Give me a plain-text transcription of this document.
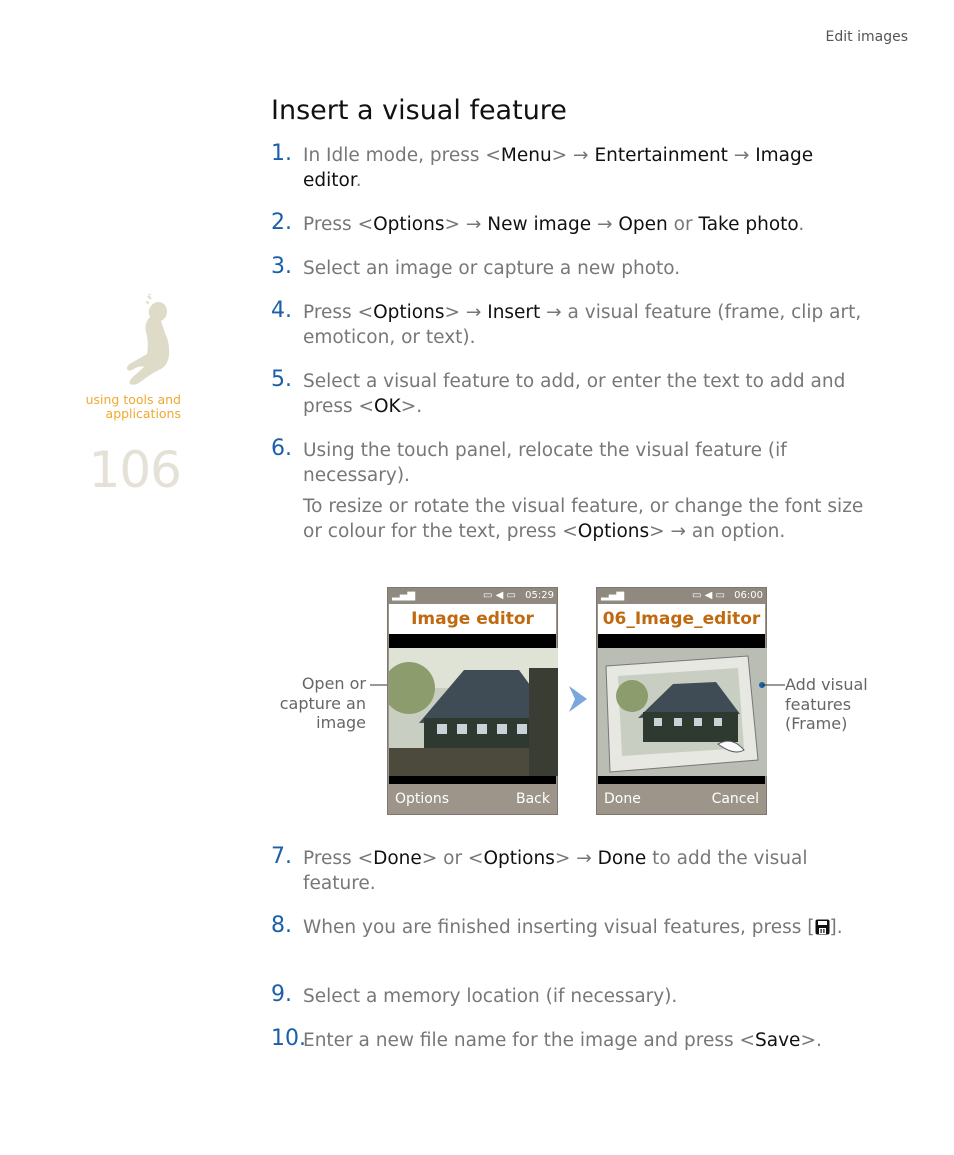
Edit images
using tools and
applications
106
Insert a visual feature
1. In Idle mode, press <Menu> → Entertainment → Image editor.

2. Press <Options> → New image → Open or Take photo.

3. Select an image or capture a new photo.

4. Press <Options> → Insert → a visual feature (frame, clip art, emoticon, or text).

5. Select a visual feature to add, or enter the text to add and press <OK>.

6. Using the touch panel, relocate the visual feature (if necessary).

To resize or rotate the visual feature, or change the font size or colour for the text, press <Options> → an option.

7. Press <Done> or <Options> → Done to add the visual feature.

8. When you are finished inserting visual features, press [ ].

9. Select a memory location (if necessary).

10.

Enter a new file name for the image and press <Save>.

Open or capture an image
▂▄▆	▭ ◀ ▭ 05:29
Image editor
Options	Back
▂▄▆	▭ ◀ ▭ 06:00
06_Image_editor
Done	Cancel
Add visual features (Frame)
